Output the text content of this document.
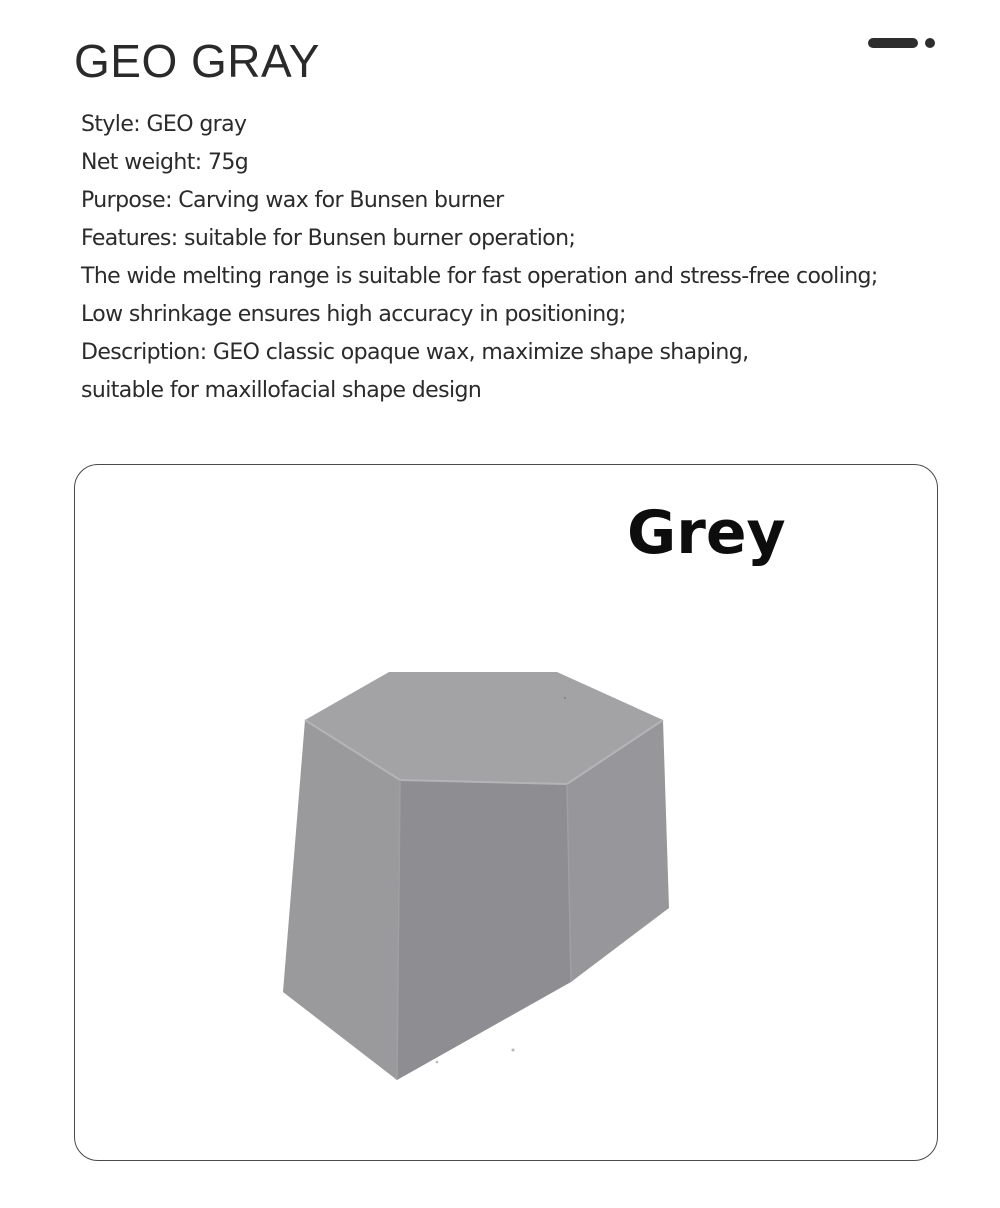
GEO GRAY
Style: GEO gray
Net weight: 75g
Purpose: Carving wax for Bunsen burner
Features: suitable for Bunsen burner operation;
The wide melting range is suitable for fast operation and stress-free cooling;
Low shrinkage ensures high accuracy in positioning;
Description: GEO classic opaque wax, maximize shape shaping,
suitable for maxillofacial shape design
Grey
